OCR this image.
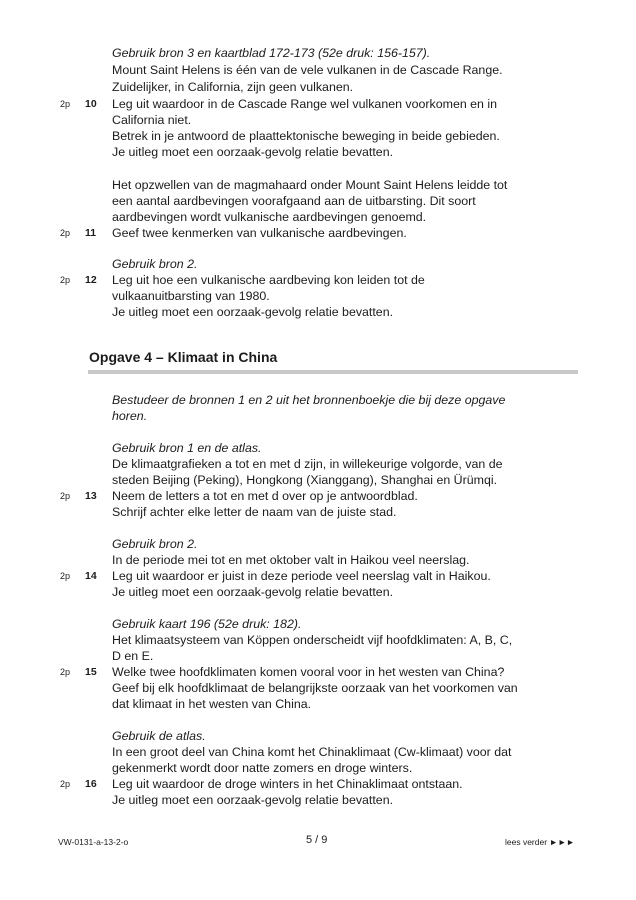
Gebruik bron 3 en kaartblad 172-173 (52e druk: 156-157).
Mount Saint Helens is één van de vele vulkanen in de Cascade Range.
Zuidelijker, in California, zijn geen vulkanen.
2p 10 Leg uit waardoor in de Cascade Range wel vulkanen voorkomen en in
California niet.
Betrek in je antwoord de plaattektonische beweging in beide gebieden.
Je uitleg moet een oorzaak-gevolg relatie bevatten.
Het opzwellen van de magmahaard onder Mount Saint Helens leidde tot
een aantal aardbevingen voorafgaand aan de uitbarsting. Dit soort
aardbevingen wordt vulkanische aardbevingen genoemd.
2p 11 Geef twee kenmerken van vulkanische aardbevingen.
Gebruik bron 2.
2p 12 Leg uit hoe een vulkanische aardbeving kon leiden tot de
vulkaanuitbarsting van 1980.
Je uitleg moet een oorzaak-gevolg relatie bevatten.
Opgave 4 – Klimaat in China
Bestudeer de bronnen 1 en 2 uit het bronnenboekje die bij deze opgave
horen.
Gebruik bron 1 en de atlas.
De klimaatgrafieken a tot en met d zijn, in willekeurige volgorde, van de
steden Beijing (Peking), Hongkong (Xianggang), Shanghai en Ürümqi.
2p 13 Neem de letters a tot en met d over op je antwoordblad.
Schrijf achter elke letter de naam van de juiste stad.
Gebruik bron 2.
In de periode mei tot en met oktober valt in Haikou veel neerslag.
2p 14 Leg uit waardoor er juist in deze periode veel neerslag valt in Haikou.
Je uitleg moet een oorzaak-gevolg relatie bevatten.
Gebruik kaart 196 (52e druk: 182).
Het klimaatsysteem van Köppen onderscheidt vijf hoofdklimaten: A, B, C,
D en E.
2p 15 Welke twee hoofdklimaten komen vooral voor in het westen van China?
Geef bij elk hoofdklimaat de belangrijkste oorzaak van het voorkomen van
dat klimaat in het westen van China.
Gebruik de atlas.
In een groot deel van China komt het Chinaklimaat (Cw-klimaat) voor dat
gekenmerkt wordt door natte zomers en droge winters.
2p 16 Leg uit waardoor de droge winters in het Chinaklimaat ontstaan.
Je uitleg moet een oorzaak-gevolg relatie bevatten.
VW-0131-a-13-2-o	5 / 9	lees verder ►►►
